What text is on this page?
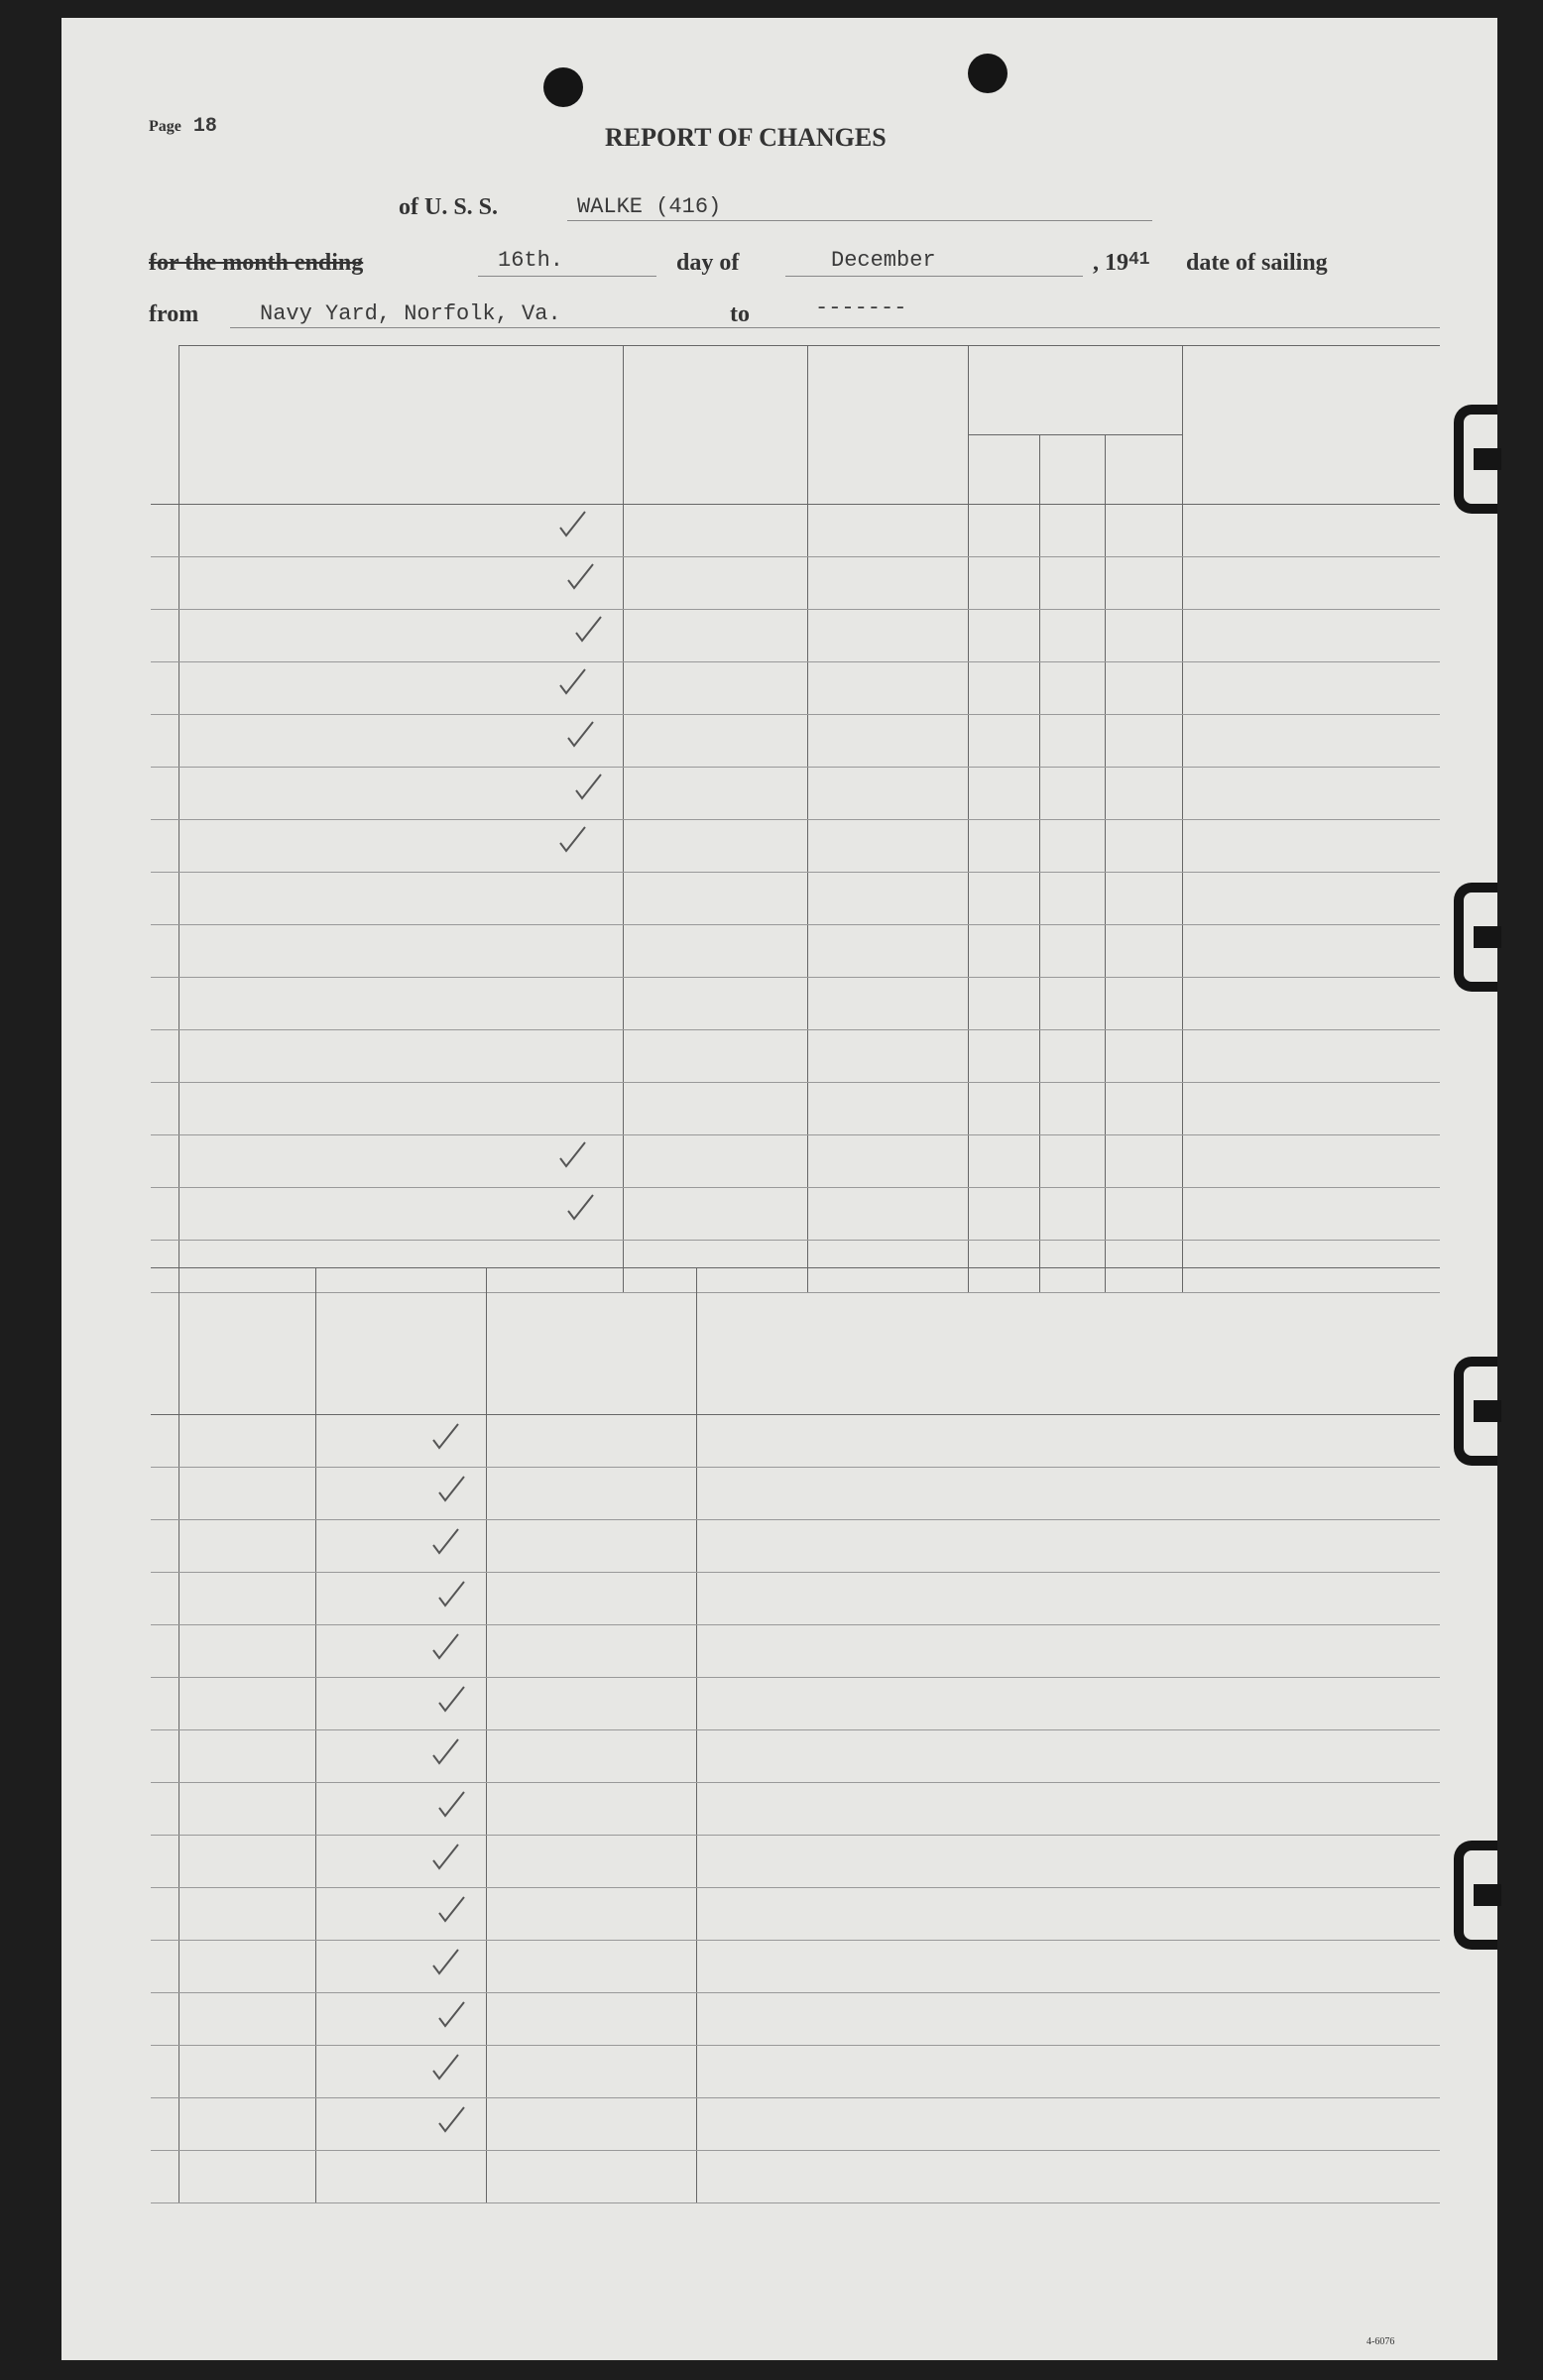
Page 18	REPORT OF CHANGES
of U. S. S.	WALKE (416)
for the month ending	16th.	day of	December	, $19^{41}$ date of sailing
from	Navy Yard, Norfolk, Va.	to	-------
4-6076
